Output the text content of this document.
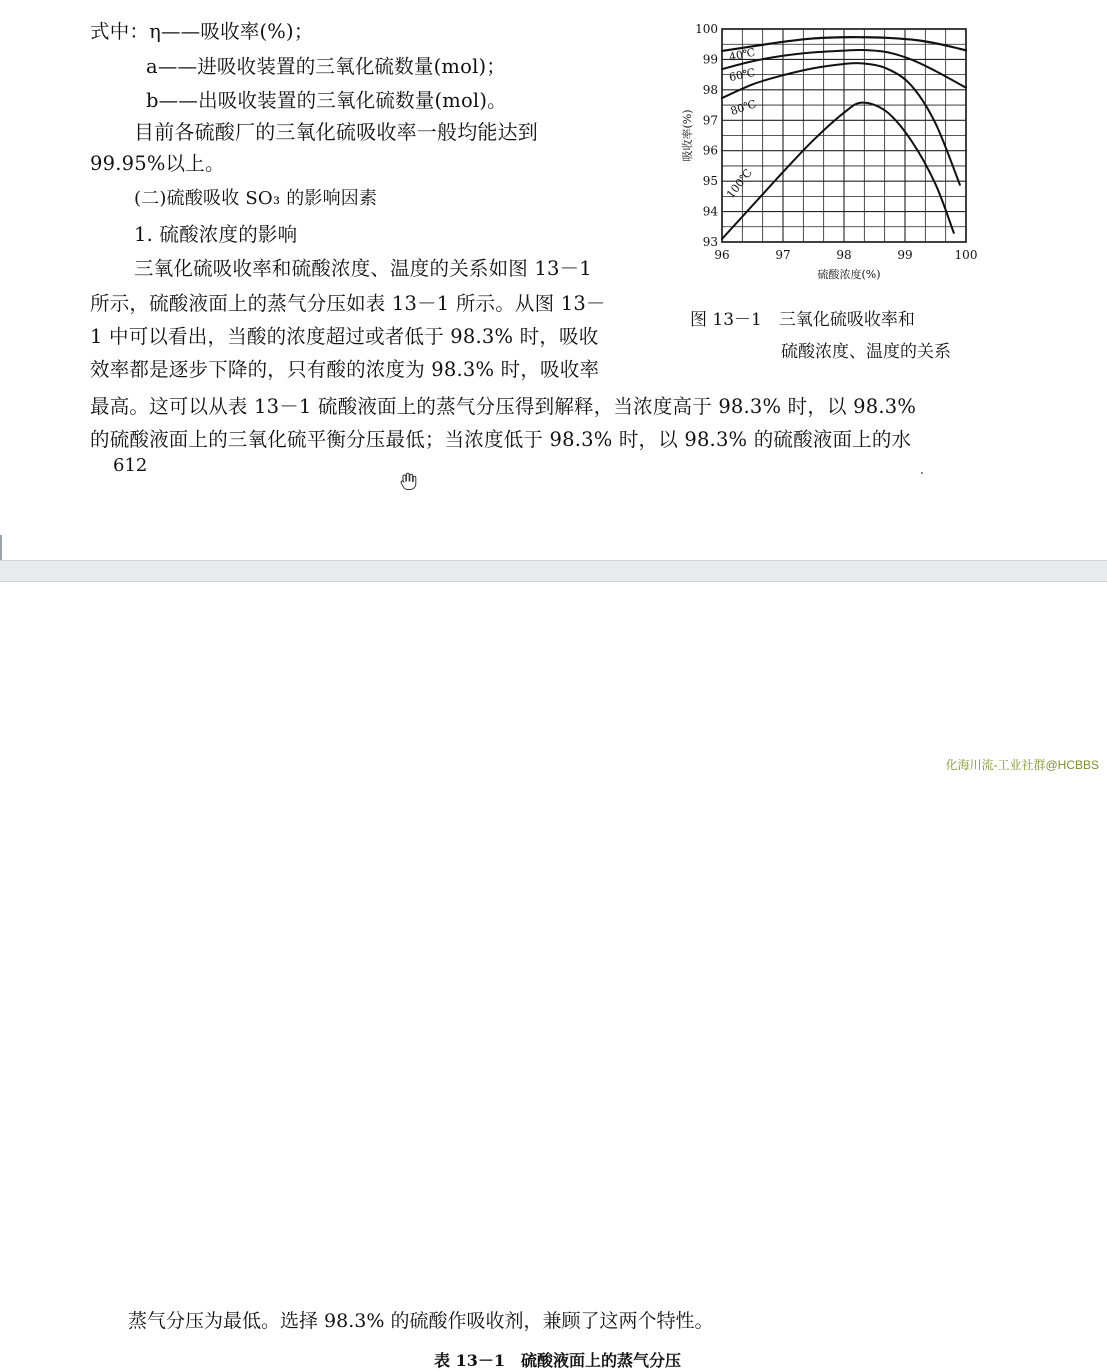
式中：η——吸收率(%)；
a——进吸收装置的三氧化硫数量(mol)；
b——出吸收装置的三氧化硫数量(mol)。
目前各硫酸厂的三氧化硫吸收率一般均能达到
99.95%以上。
(二)硫酸吸收 SO₃ 的影响因素
1. 硫酸浓度的影响
三氧化硫吸收率和硫酸浓度、温度的关系如图 13－1
所示，硫酸液面上的蒸气分压如表 13－1 所示。从图 13－
1 中可以看出，当酸的浓度超过或者低于 98.3% 时，吸收
效率都是逐步下降的，只有酸的浓度为 98.3% 时，吸收率
最高。这可以从表 13－1 硫酸液面上的蒸气分压得到解释，当浓度高于 98.3% 时，以 98.3%
的硫酸液面上的三氧化硫平衡分压最低；当浓度低于 98.3% 时，以 98.3% 的硫酸液面上的水
612
96	97	98	99	100
93
94
95
96
97
98
99
100
硫酸浓度(%)
吸收率(%)
40℃
60℃
80℃
100℃
图 13－1　三氧化硫吸收率和
硫酸浓度、温度的关系
蒸气分压为最低。选择 98.3% 的硫酸作吸收剂，兼顾了这两个特性。
表 13－1　硫酸液面上的蒸气分压
化海川流-工业社群@HCBBS
